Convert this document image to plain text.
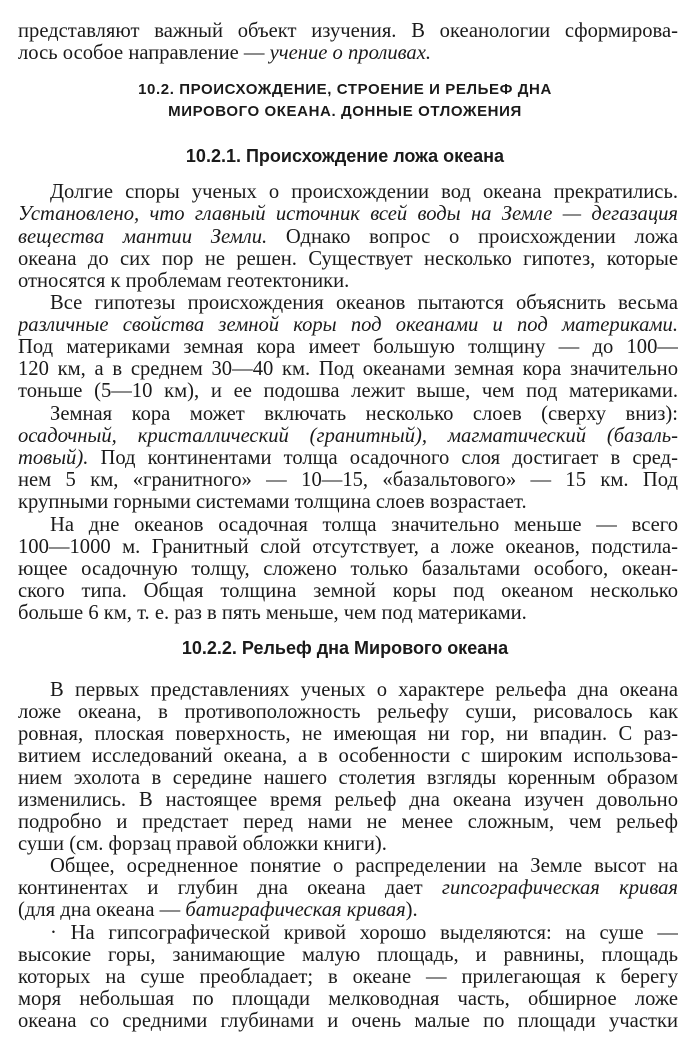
представляют важный объект изучения. В океанологии сформирова-
лось особое направление — учение о проливах.
10.2. ПРОИСХОЖДЕНИЕ, СТРОЕНИЕ И РЕЛЬЕФ ДНА
МИРОВОГО ОКЕАНА. ДОННЫЕ ОТЛОЖЕНИЯ
10.2.1. Происхождение ложа океана
Долгие споры ученых о происхождении вод океана прекратились.
Установлено, что главный источник всей воды на Земле — дегазация
вещества мантии Земли. Однако вопрос о происхождении ложа
океана до сих пор не решен. Существует несколько гипотез, которые
относятся к проблемам геотектоники.
Все гипотезы происхождения океанов пытаются объяснить весьма
различные свойства земной коры под океанами и под материками.
Под материками земная кора имеет большую толщину — до 100—
120 км, а в среднем 30—40 км. Под океанами земная кора значительно
тоньше (5—10 км), и ее подошва лежит выше, чем под материками.
Земная кора может включать несколько слоев (сверху вниз):
осадочный, кристаллический (гранитный), магматический (базаль-
товый). Под континентами толща осадочного слоя достигает в сред-
нем 5 км, «гранитного» — 10—15, «базальтового» — 15 км. Под
крупными горными системами толщина слоев возрастает.
На дне океанов осадочная толща значительно меньше — всего
100—1000 м. Гранитный слой отсутствует, а ложе океанов, подстила-
ющее осадочную толщу, сложено только базальтами особого, океан-
ского типа. Общая толщина земной коры под океаном несколько
больше 6 км, т. е. раз в пять меньше, чем под материками.
10.2.2. Рельеф дна Мирового океана
В первых представлениях ученых о характере рельефа дна океана
ложе океана, в противоположность рельефу суши, рисовалось как
ровная, плоская поверхность, не имеющая ни гор, ни впадин. С раз-
витием исследований океана, а в особенности с широким использова-
нием эхолота в середине нашего столетия взгляды коренным образом
изменились. В настоящее время рельеф дна океана изучен довольно
подробно и предстает перед нами не менее сложным, чем рельеф
суши (см. форзац правой обложки книги).
Общее, осредненное понятие о распределении на Земле высот на
континентах и глубин дна океана дает гипсографическая кривая
(для дна океана — батиграфическая кривая).
· На гипсографической кривой хорошо выделяются: на суше —
высокие горы, занимающие малую площадь, и равнины, площадь
которых на суше преобладает; в океане — прилегающая к берегу
моря небольшая по площади мелководная часть, обширное ложе
океана со средними глубинами и очень малые по площади участки
